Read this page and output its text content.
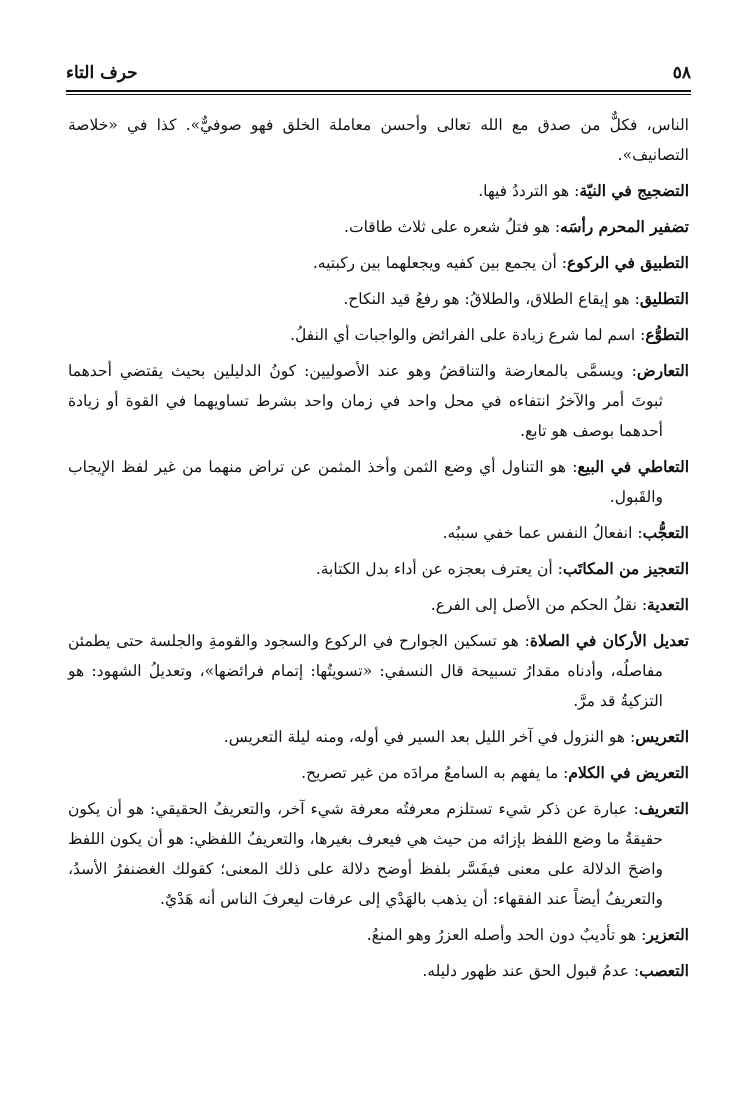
٥٨
حرف التاء

الناس، فكلٌّ من صدق مع الله تعالى وأحسن معاملة الخلق فهو صوفيٌّ». كذا في «خلاصة التصانيف».

التضجيج في النيّة: هو الترددُ فيها.

تضفير المحرم رأسَه: هو فتلُ شعره على ثلاث طاقات.

التطبيق في الركوع: أن يجمع بين كفيه ويجعلهما بين ركبتيه.

التطليق: هو إيقاع الطلاق، والطلاقُ: هو رفعُ قيد النكاح.

التطوُّع: اسم لما شرع زيادة على الفرائض والواجبات أي النفلُ.

التعارض: ويسمَّى بالمعارضة والتناقضُ وهو عند الأصوليين: كونُ الدليلين بحيث يقتضي أحدهما ثبوتَ أمر والآخرُ انتفاءه في محل واحد في زمان واحد بشرط تساويهما في القوة أو زيادة أحدهما بوصف هو تابع.

التعاطي في البيع: هو التناول أي وضع الثمن وأخذ المثمن عن تراض منهما من غير لفظ الإيجاب والقَبول.

التعجُّب: انفعالُ النفس عما خفي سببُه.

التعجيز من المكاتَب: أن يعترف بعجزه عن أداء بدل الكتابة.

التعدية: نقلُ الحكم من الأصل إلى الفرع.

تعديل الأركان في الصلاة: هو تسكين الجوارح في الركوع والسجود والقومةِ والجلسة حتى يطمئن مفاصلُه، وأدناه مقدارُ تسبيحة قال النسفي: «تسويتُها: إتمام فرائضها»، وتعديلُ الشهود: هو التزكيةُ قد مرَّ.

التعريس: هو النزول في آخر الليل بعد السير في أوله، ومنه ليلة التعريس.

التعريض في الكلام: ما يفهم به السامعُ مرادَه من غير تصريح.

التعريف: عبارة عن ذكر شيء تستلزم معرفتُه معرفة شيء آخر، والتعريفُ الحقيقي: هو أن يكون حقيقةُ ما وضع اللفظ بإزائه من حيث هي فيعرف بغيرها، والتعريفُ اللفظي: هو أن يكون اللفظ واضحَ الدلالة على معنى فيفَسَّر بلفظ أوضح دلالة على ذلك المعنى؛ كقولك الغضنفرُ الأسدُ، والتعريفُ أيضاً عند الفقهاء: أن يذهب بالهَدْي إلى عرفات ليعرفَ الناس أنه هَدْيٌ.

التعزير: هو تأديبٌ دون الحد وأصله العزرُ وهو المنعُ.

التعصب: عدمُ قبول الحق عند ظهور دليله.
